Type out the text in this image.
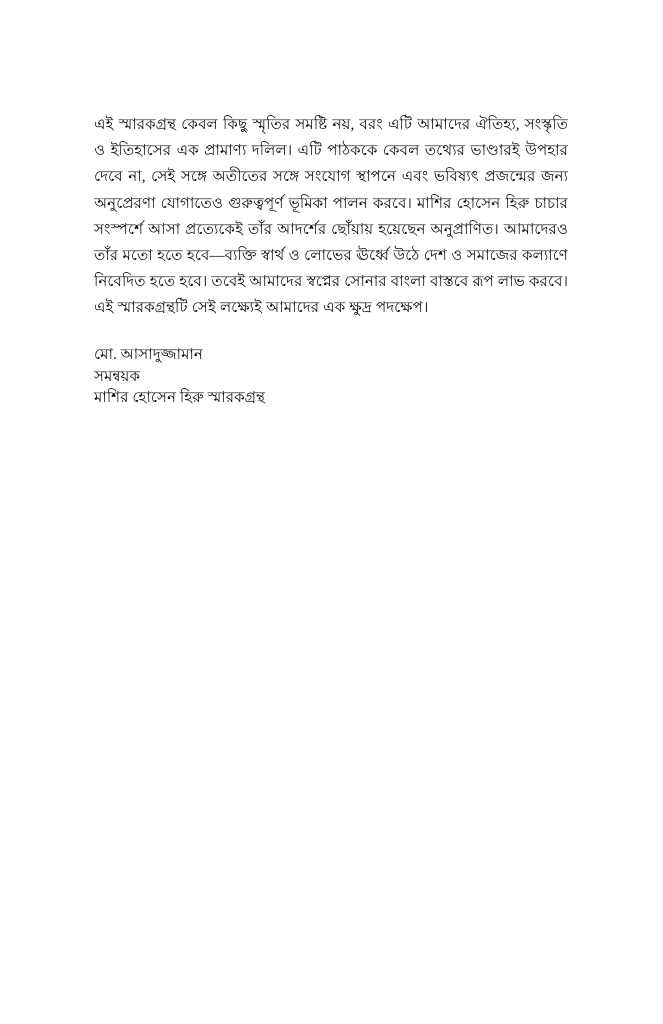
এই স্মারকগ্রন্থ কেবল কিছু স্মৃতির সমষ্টি নয়, বরং এটি আমাদের ঐতিহ্য, সংস্কৃতি ও ইতিহাসের এক প্রামাণ্য দলিল। এটি পাঠককে কেবল তথ্যের ভাণ্ডারই উপহার দেবে না, সেই সঙ্গে অতীতের সঙ্গে সংযোগ স্থাপনে এবং ভবিষ্যৎ প্রজন্মের জন্য অনুপ্রেরণা যোগাতেও গুরুত্বপূর্ণ ভূমিকা পালন করবে। মাশির হোসেন হিরু চাচার সংস্পর্শে আসা প্রত্যেকেই তাঁর আদর্শের ছোঁয়ায় হয়েছেন অনুপ্রাণিত। আমাদেরও তাঁর মতো হতে হবে—ব্যক্তি স্বার্থ ও লোভের ঊর্ধ্বে উঠে দেশ ও সমাজের কল্যাণে নিবেদিত হতে হবে। তবেই আমাদের স্বপ্নের সোনার বাংলা বাস্তবে রূপ লাভ করবে। এই স্মারকগ্রন্থটি সেই লক্ষ্যেই আমাদের এক ক্ষুদ্র পদক্ষেপ।

মো. আসাদুজ্জামান
সমন্বয়ক
মাশির হোসেন হিরু স্মারকগ্রন্থ
